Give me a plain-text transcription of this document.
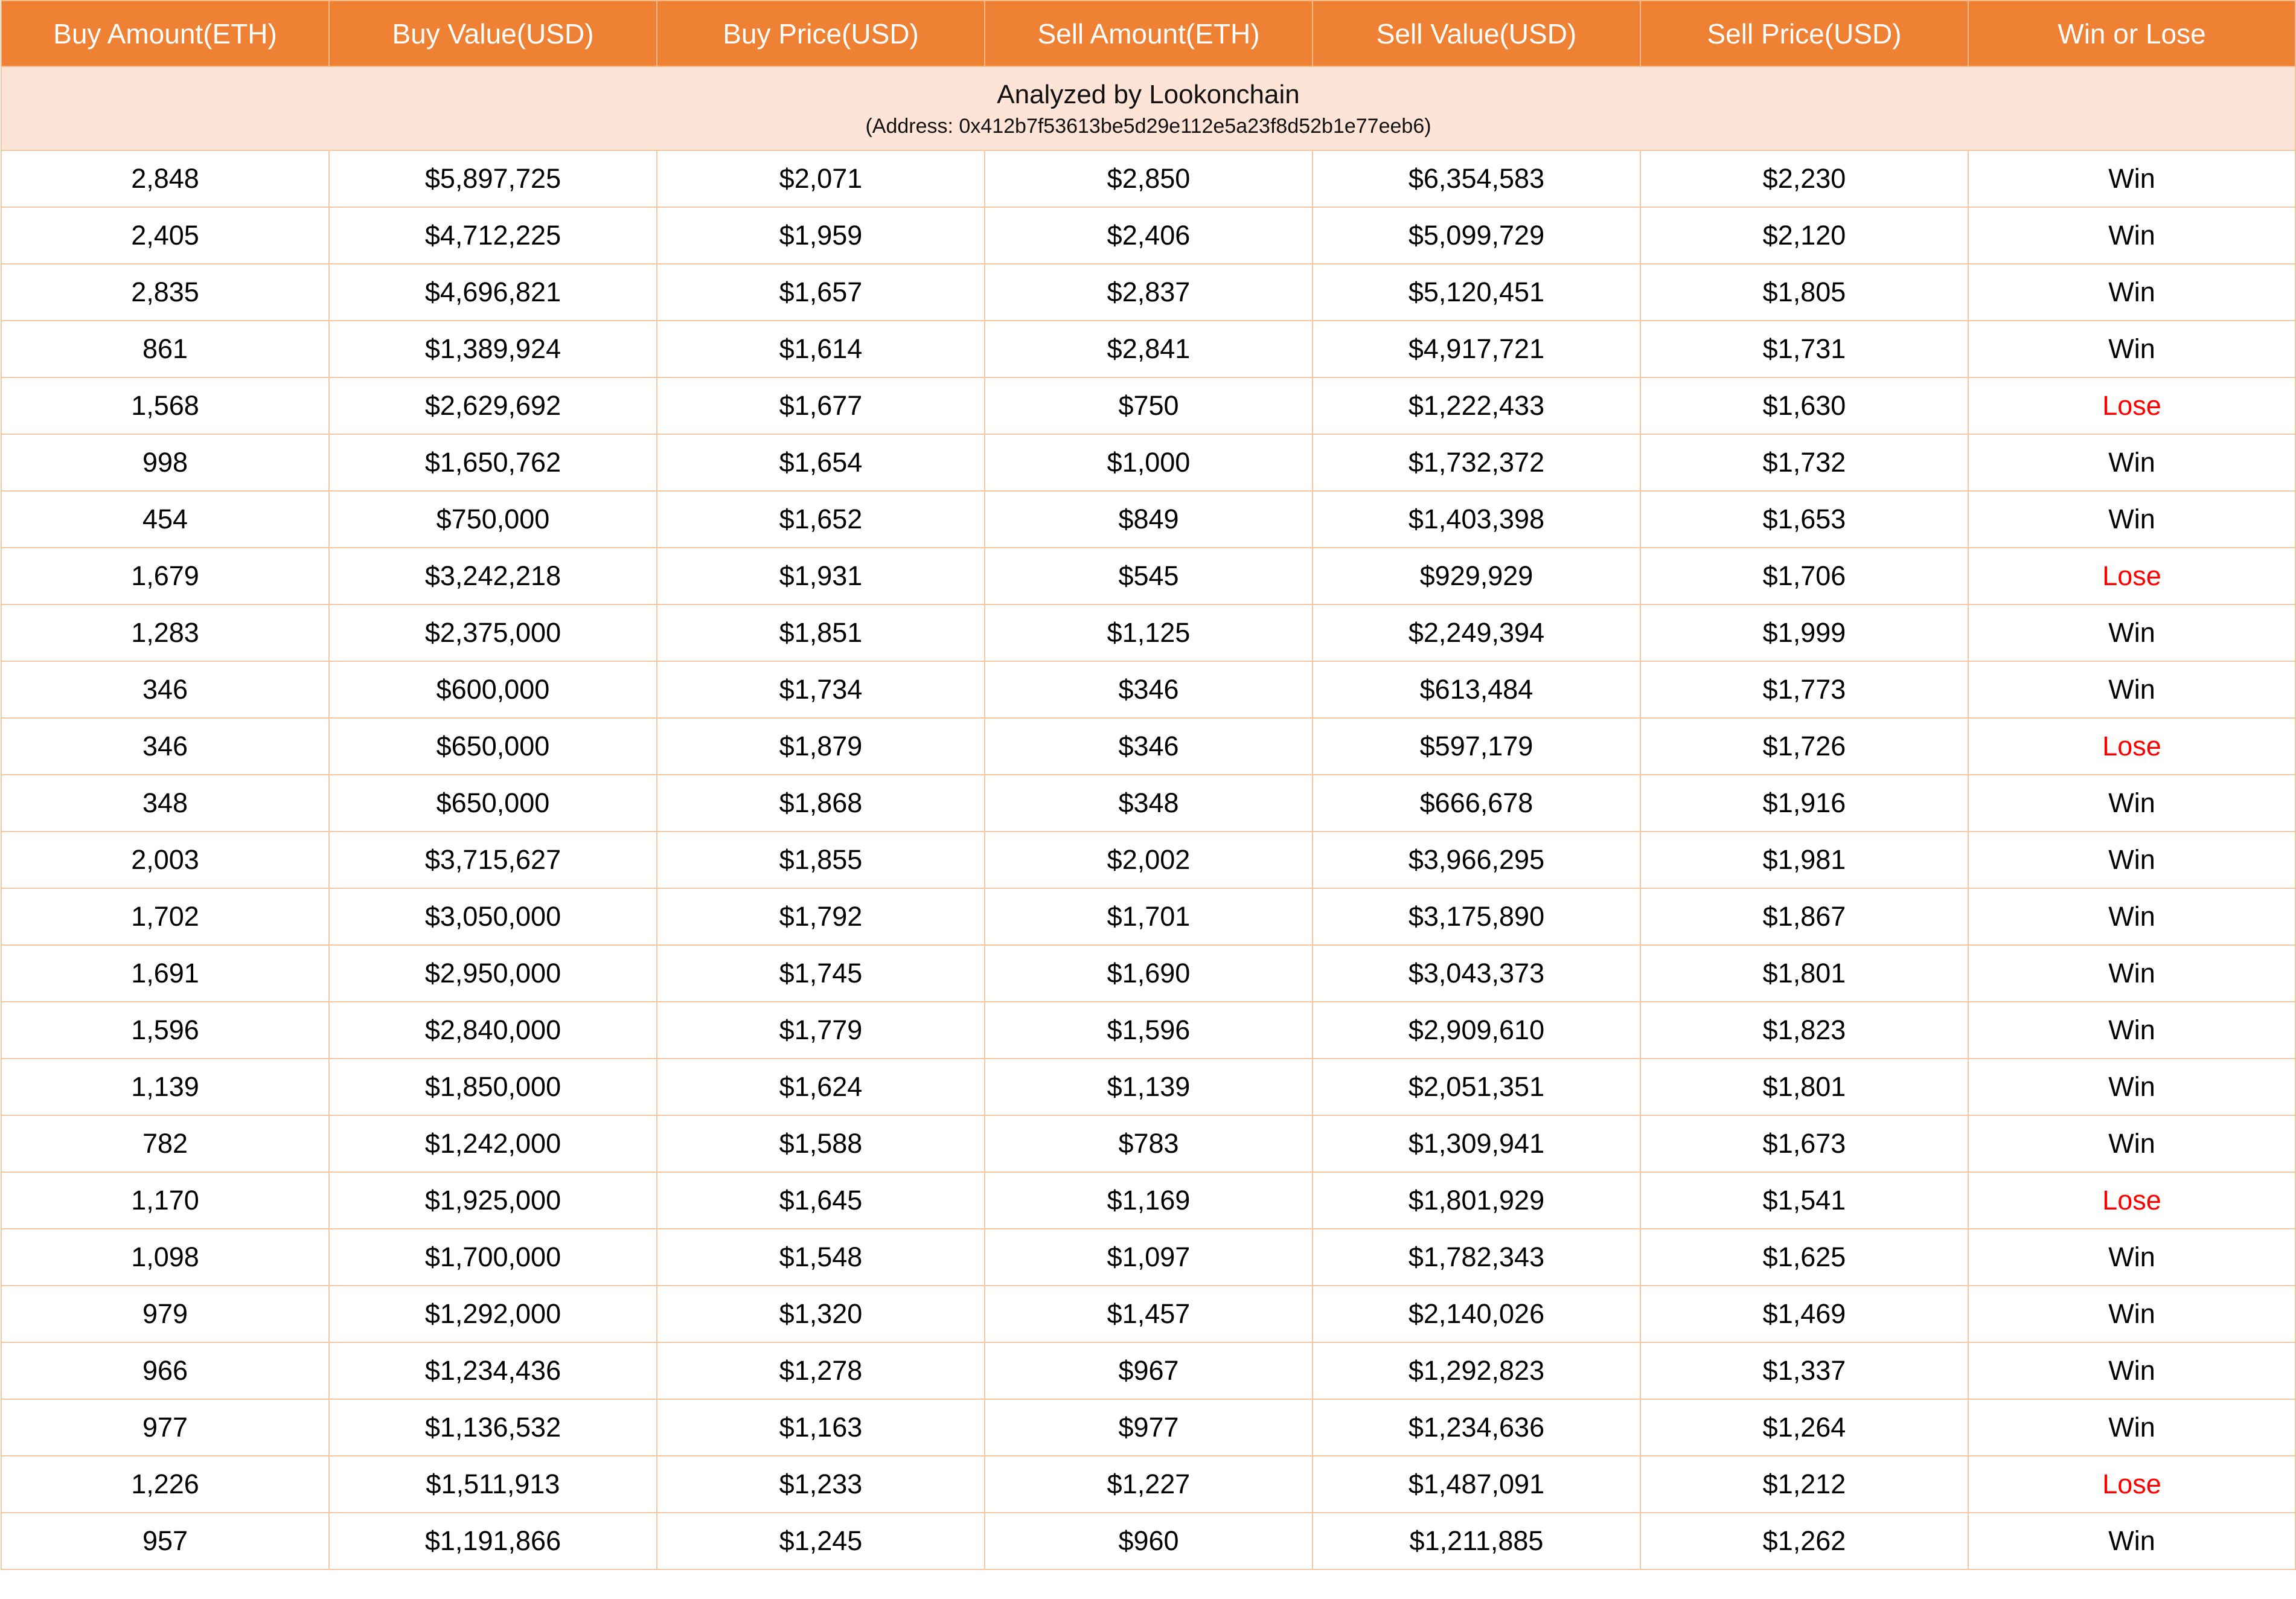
Buy Amount(ETH)	Buy Value(USD)	Buy Price(USD)	Sell Amount(ETH)	Sell Value(USD)	Sell Price(USD)	Win or Lose

Analyzed by Lookonchain
(Address: 0x412b7f53613be5d29e112e5a23f8d52b1e77eeb6)						

2,848	$5,897,725	$2,071	$2,850	$6,354,583	$2,230	Win
2,405	$4,712,225	$1,959	$2,406	$5,099,729	$2,120	Win
2,835	$4,696,821	$1,657	$2,837	$5,120,451	$1,805	Win
861	$1,389,924	$1,614	$2,841	$4,917,721	$1,731	Win
1,568	$2,629,692	$1,677	$750	$1,222,433	$1,630	Lose
998	$1,650,762	$1,654	$1,000	$1,732,372	$1,732	Win
454	$750,000	$1,652	$849	$1,403,398	$1,653	Win
1,679	$3,242,218	$1,931	$545	$929,929	$1,706	Lose
1,283	$2,375,000	$1,851	$1,125	$2,249,394	$1,999	Win
346	$600,000	$1,734	$346	$613,484	$1,773	Win
346	$650,000	$1,879	$346	$597,179	$1,726	Lose
348	$650,000	$1,868	$348	$666,678	$1,916	Win
2,003	$3,715,627	$1,855	$2,002	$3,966,295	$1,981	Win
1,702	$3,050,000	$1,792	$1,701	$3,175,890	$1,867	Win
1,691	$2,950,000	$1,745	$1,690	$3,043,373	$1,801	Win
1,596	$2,840,000	$1,779	$1,596	$2,909,610	$1,823	Win
1,139	$1,850,000	$1,624	$1,139	$2,051,351	$1,801	Win
782	$1,242,000	$1,588	$783	$1,309,941	$1,673	Win
1,170	$1,925,000	$1,645	$1,169	$1,801,929	$1,541	Lose
1,098	$1,700,000	$1,548	$1,097	$1,782,343	$1,625	Win
979	$1,292,000	$1,320	$1,457	$2,140,026	$1,469	Win
966	$1,234,436	$1,278	$967	$1,292,823	$1,337	Win
977	$1,136,532	$1,163	$977	$1,234,636	$1,264	Win
1,226	$1,511,913	$1,233	$1,227	$1,487,091	$1,212	Lose
957	$1,191,866	$1,245	$960	$1,211,885	$1,262	Win
